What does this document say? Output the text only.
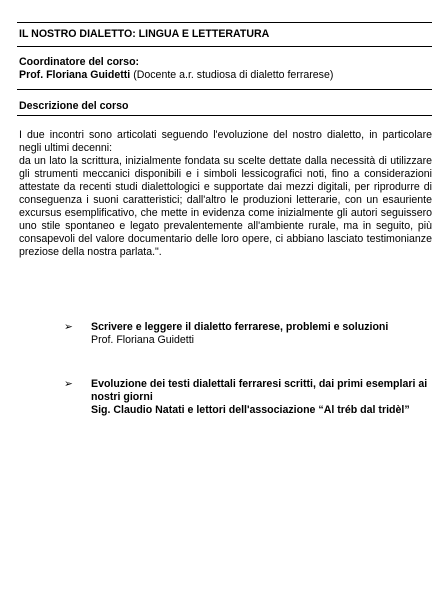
IL NOSTRO DIALETTO: LINGUA E LETTERATURA
Coordinatore del corso:
Prof. Floriana Guidetti (Docente a.r. studiosa di dialetto ferrarese)
Descrizione del corso

I due incontri sono articolati seguendo l'evoluzione del nostro dialetto, in particolare negli ultimi decenni:

da un lato la scrittura, inizialmente fondata su scelte dettate dalla necessità di utilizzare gli strumenti meccanici disponibili e i simboli lessicografici noti, fino a considerazioni attestate da recenti studi dialettologici e supportate dai mezzi digitali, per riprodurre di conseguenza i suoni caratteristici; dall'altro le produzioni letterarie, con un esauriente excursus esemplificativo, che mette in evidenza come inizialmente gli autori seguissero uno stile spontaneo e legato prevalentemente all'ambiente rurale, ma in seguito, più consapevoli del valore documentario delle loro opere, ci abbiano lasciato testimonianze preziose della nostra parlata.".

➢ Scrivere e leggere il dialetto ferrarese, problemi e soluzioni
Prof. Floriana Guidetti
➢ Evoluzione dei testi dialettali ferraresi scritti, dai primi esemplari ai nostri giorni
Sig. Claudio Natati e lettori dell'associazione “Al tréb dal tridèl”
